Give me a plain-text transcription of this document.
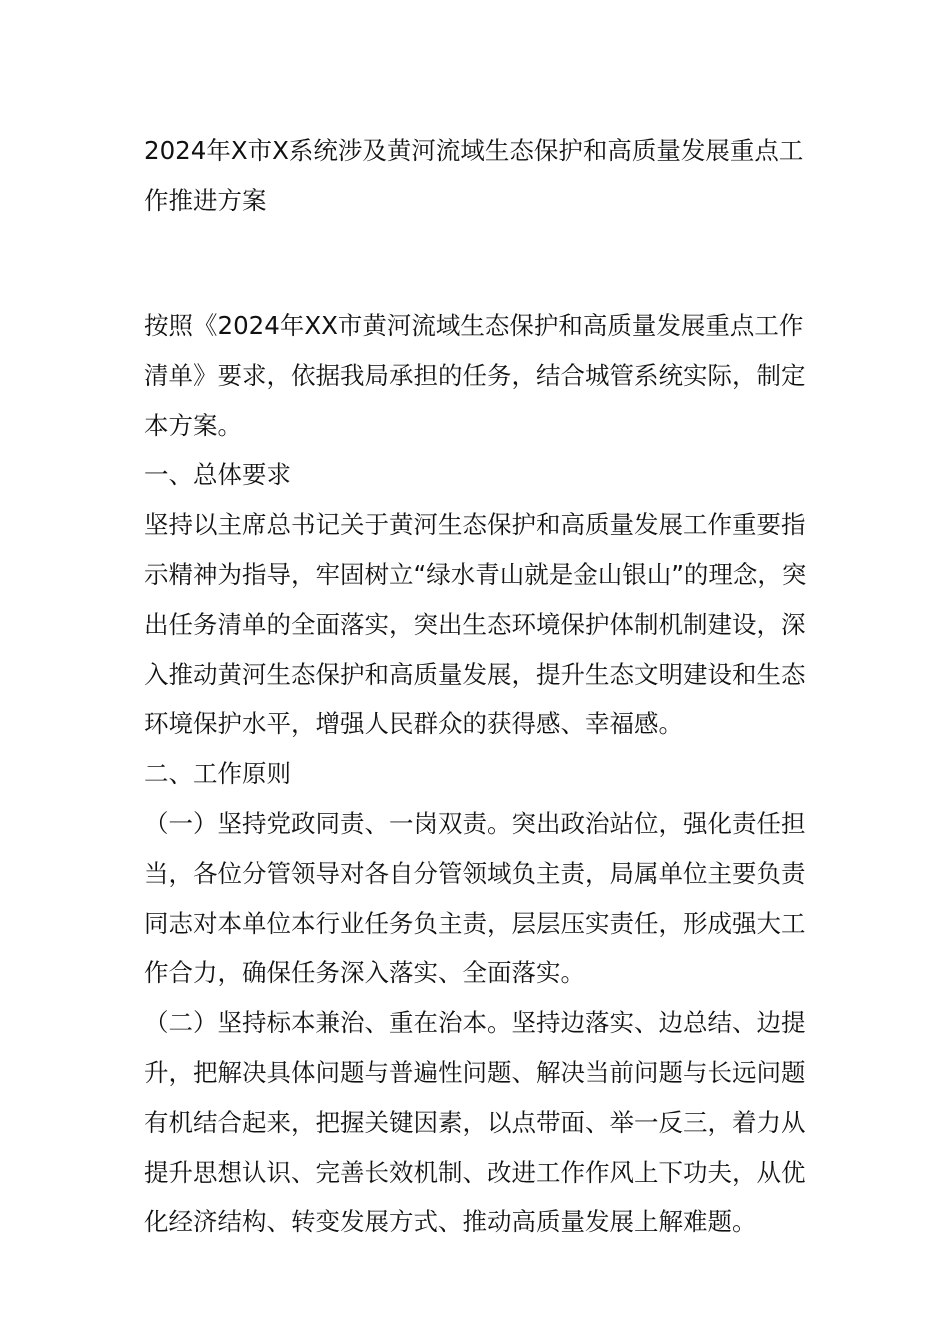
2024年X市X系统涉及黄河流域生态保护和高质量发展重点工作推进方案

按照《2024年XX市黄河流域生态保护和高质量发展重点工作清单》要求，依据我局承担的任务，结合城管系统实际，制定本方案。

一、总体要求

坚持以主席总书记关于黄河生态保护和高质量发展工作重要指示精神为指导，牢固树立“绿水青山就是金山银山”的理念，突出任务清单的全面落实，突出生态环境保护体制机制建设，深入推动黄河生态保护和高质量发展，提升生态文明建设和生态环境保护水平，增强人民群众的获得感、幸福感。

二、工作原则

（一）坚持党政同责、一岗双责。突出政治站位，强化责任担当，各位分管领导对各自分管领域负主责，局属单位主要负责同志对本单位本行业任务负主责，层层压实责任，形成强大工作合力，确保任务深入落实、全面落实。

（二）坚持标本兼治、重在治本。坚持边落实、边总结、边提升，把解决具体问题与普遍性问题、解决当前问题与长远问题有机结合起来，把握关键因素，以点带面、举一反三，着力从提升思想认识、完善长效机制、改进工作作风上下功夫，从优化经济结构、转变发展方式、推动高质量发展上解难题。
